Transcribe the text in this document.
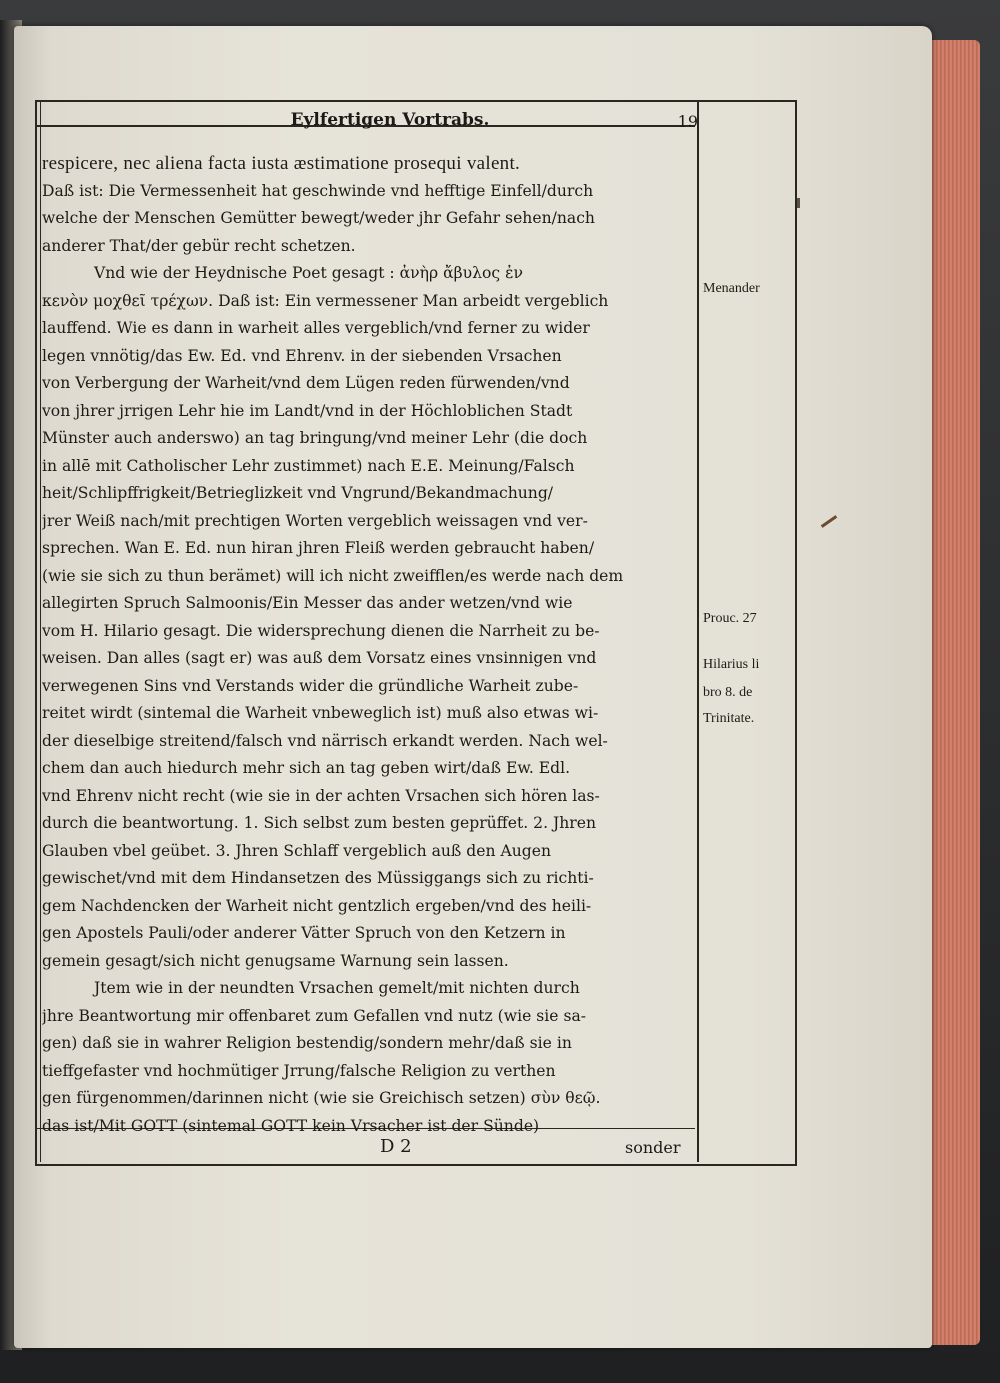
Eylfertigen Vortrabs.	19
respicere, nec aliena facta iusta æstimatione prosequi valent.
Daß ist: Die Vermessenheit hat geschwinde vnd hefftige Einfell/durch
welche der Menschen Gemütter bewegt/weder jhr Gefahr sehen/nach
anderer That/der gebür recht schetzen.
Vnd wie der Heydnische Poet gesagt : ἀνὴρ ἄβυλος ἐν
κενὸν μοχθεῖ τρέχων. Daß ist: Ein vermessener Man arbeidt vergeblich
lauffend. Wie es dann in warheit alles vergeblich/vnd ferner zu wider
legen vnnötig/das Ew. Ed. vnd Ehrenv. in der siebenden Vrsachen
von Verbergung der Warheit/vnd dem Lügen reden fürwenden/vnd
von jhrer jrrigen Lehr hie im Landt/vnd in der Höchloblichen Stadt
Münster auch anderswo) an tag bringung/vnd meiner Lehr (die doch
in allē mit Catholischer Lehr zustimmet) nach E.E. Meinung/Falsch
heit/Schlipffrigkeit/Betrieglizkeit vnd Vngrund/Bekandmachung/
jrer Weiß nach/mit prechtigen Worten vergeblich weissagen vnd ver-
sprechen. Wan E. Ed. nun hiran jhren Fleiß werden gebraucht haben/
(wie sie sich zu thun berämet) will ich nicht zweifflen/es werde nach dem
allegirten Spruch Salmoonis/Ein Messer das ander wetzen/vnd wie
vom H. Hilario gesagt. Die widersprechung dienen die Narrheit zu be-
weisen. Dan alles (sagt er) was auß dem Vorsatz eines vnsinnigen vnd
verwegenen Sins vnd Verstands wider die gründliche Warheit zube-
reitet wirdt (sintemal die Warheit vnbeweglich ist) muß also etwas wi-
der dieselbige streitend/falsch vnd närrisch erkandt werden. Nach wel-
chem dan auch hiedurch mehr sich an tag geben wirt/daß Ew. Edl.
vnd Ehrenv nicht recht (wie sie in der achten Vrsachen sich hören las-
durch die beantwortung. 1. Sich selbst zum besten geprüffet. 2. Jhren
Glauben vbel geübet. 3. Jhren Schlaff vergeblich auß den Augen
gewischet/vnd mit dem Hindansetzen des Müssiggangs sich zu richti-
gem Nachdencken der Warheit nicht gentzlich ergeben/vnd des heili-
gen Apostels Pauli/oder anderer Vätter Spruch von den Ketzern in
gemein gesagt/sich nicht genugsame Warnung sein lassen.
Jtem wie in der neundten Vrsachen gemelt/mit nichten durch
jhre Beantwortung mir offenbaret zum Gefallen vnd nutz (wie sie sa-
gen) daß sie in wahrer Religion bestendig/sondern mehr/daß sie in
tieffgefaster vnd hochmütiger Jrrung/falsche Religion zu verthen
gen fürgenommen/darinnen nicht (wie sie Greichisch setzen) σὺν θεῷ.
das ist/Mit GOTT (sintemal GOTT kein Vrsacher ist der Sünde)
Menander
Prouc. 27
Hilarius li
bro 8. de
Trinitate.
D 2	sonder
